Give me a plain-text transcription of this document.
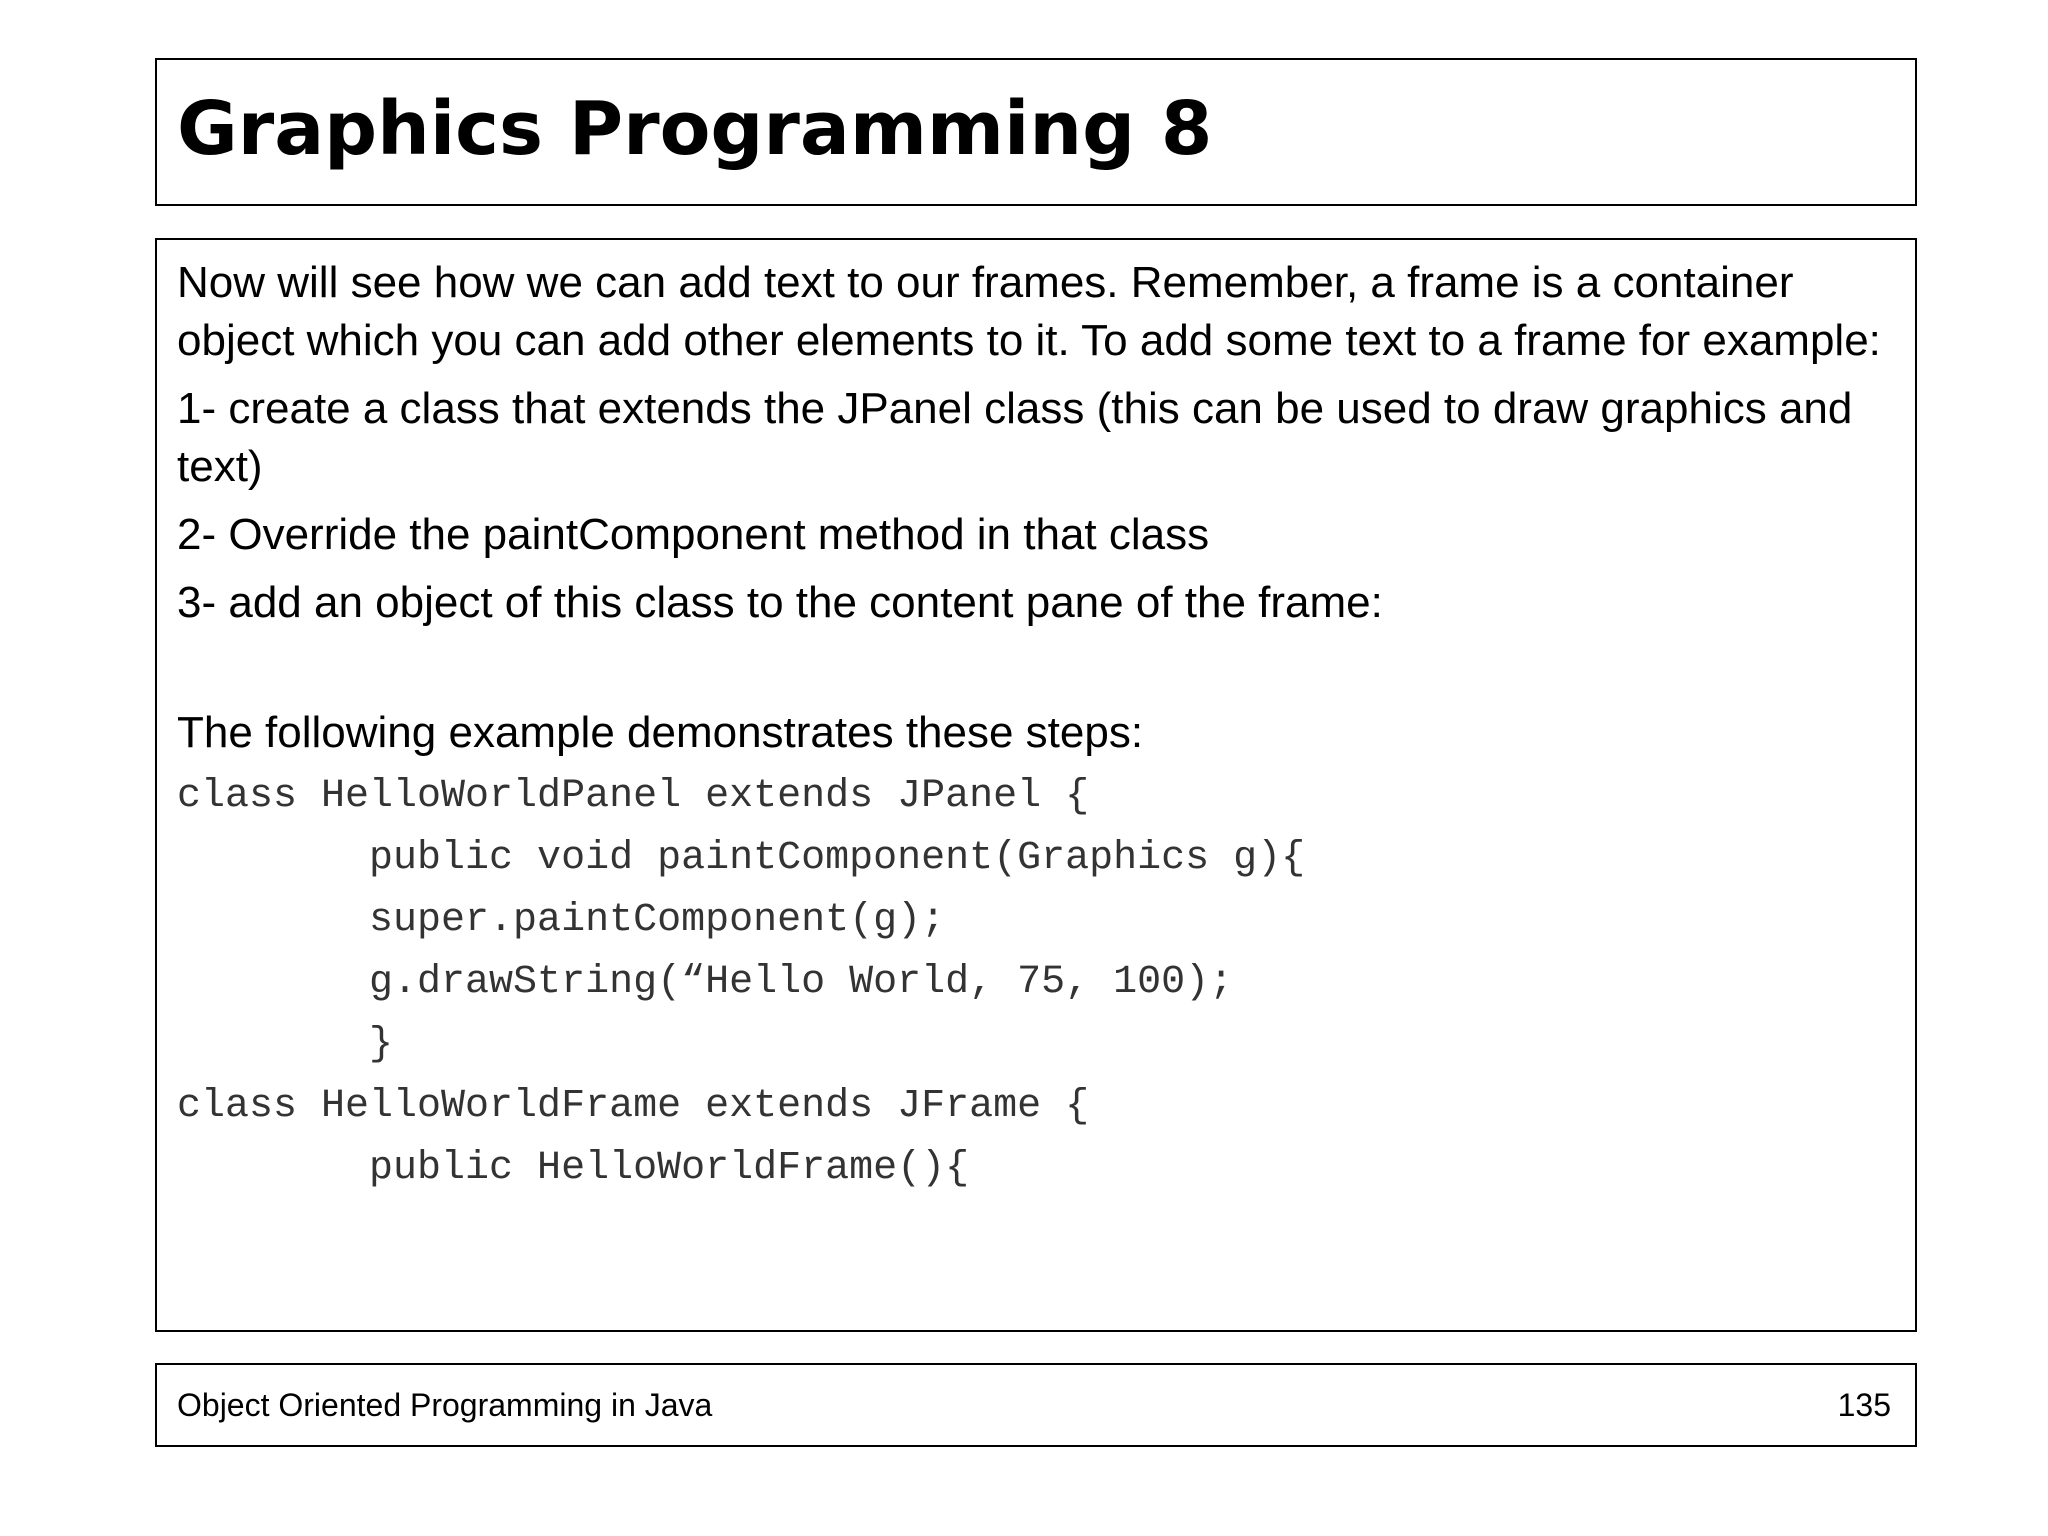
Graphics Programming 8

Now will see how we can add text to our frames. Remember, a frame is a container object which you can add other elements to it. To add some text to a frame for example:

1- create a class that extends the JPanel class (this can be used to draw graphics and text)

2- Override the paintComponent method in that class

3- add an object of this class to the content pane of the frame:

The following example demonstrates these steps:

class HelloWorldPanel extends JPanel {
public void paintComponent(Graphics g){
super.paintComponent(g);
g.drawString(“Hello World, 75, 100);
}
class HelloWorldFrame extends JFrame {
public HelloWorldFrame(){
Object Oriented Programming in Java	135
